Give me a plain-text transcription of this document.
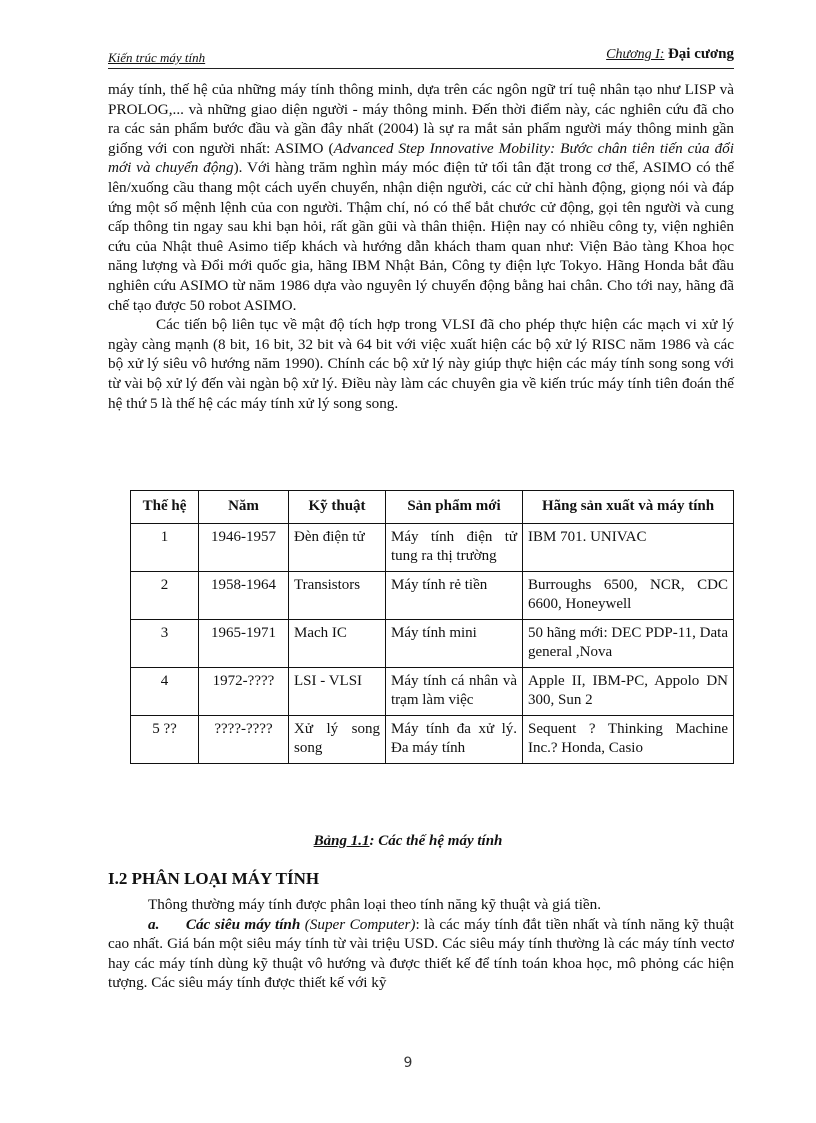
Kiến trúc máy tính	Chương I: Đại cương

máy tính, thế hệ của những máy tính thông minh, dựa trên các ngôn ngữ trí tuệ nhân tạo như LISP và PROLOG,... và những giao diện người - máy thông minh. Đến thời điểm này, các nghiên cứu đã cho ra các sản phẩm bước đầu và gần đây nhất (2004) là sự ra mắt sản phẩm người máy thông minh gần giống với con người nhất: ASIMO (Advanced Step Innovative Mobility: Bước chân tiên tiến của đổi mới và chuyển động). Với hàng trăm nghìn máy móc điện tử tối tân đặt trong cơ thể, ASIMO có thể lên/xuống cầu thang một cách uyển chuyển, nhận diện người, các cử chỉ hành động, giọng nói và đáp ứng một số mệnh lệnh của con người. Thậm chí, nó có thể bắt chước cử động, gọi tên người và cung cấp thông tin ngay sau khi bạn hỏi, rất gần gũi và thân thiện. Hiện nay có nhiều công ty, viện nghiên cứu của Nhật thuê Asimo tiếp khách và hướng dẫn khách tham quan như: Viện Bảo tàng Khoa học năng lượng và Đổi mới quốc gia, hãng IBM Nhật Bản, Công ty điện lực Tokyo. Hãng Honda bắt đầu nghiên cứu ASIMO từ năm 1986 dựa vào nguyên lý chuyển động bằng hai chân. Cho tới nay, hãng đã chế tạo được 50 robot ASIMO.

Các tiến bộ liên tục về mật độ tích hợp trong VLSI đã cho phép thực hiện các mạch vi xử lý ngày càng mạnh (8 bit, 16 bit, 32 bit và 64 bit với việc xuất hiện các bộ xử lý RISC năm 1986 và các bộ xử lý siêu vô hướng năm 1990). Chính các bộ xử lý này giúp thực hiện các máy tính song song với từ vài bộ xử lý đến vài ngàn bộ xử lý. Điều này làm các chuyên gia về kiến trúc máy tính tiên đoán thế hệ thứ 5 là thế hệ các máy tính xử lý song song.

Thế hệ	Năm	Kỹ thuật	Sản phẩm mới	Hãng sản xuất và máy tính
1	1946-1957	Đèn điện tử	Máy tính điện tử tung ra thị trường	IBM 701. UNIVAC
2	1958-1964	Transistors	Máy tính rẻ tiền	Burroughs 6500, NCR, CDC 6600, Honeywell
3	1965-1971	Mach IC	Máy tính mini	50 hãng mới: DEC PDP-11, Data general ,Nova
4	1972-????	LSI - VLSI	Máy tính cá nhân và trạm làm việc	Apple II, IBM-PC, Appolo DN 300, Sun 2
5 ??	????-????	Xử lý song song	Máy tính đa xử lý. Đa máy tính	Sequent ? Thinking Machine Inc.? Honda, Casio
Bảng 1.1: Các thế hệ máy tính
I.2 PHÂN LOẠI MÁY TÍNH

Thông thường máy tính được phân loại theo tính năng kỹ thuật và giá tiền.

a. Các siêu máy tính (Super Computer): là các máy tính đắt tiền nhất và tính năng kỹ thuật cao nhất. Giá bán một siêu máy tính từ vài triệu USD. Các siêu máy tính thường là các máy tính vectơ hay các máy tính dùng kỹ thuật vô hướng và được thiết kế để tính toán khoa học, mô phỏng các hiện tượng. Các siêu máy tính được thiết kế với kỹ

9
